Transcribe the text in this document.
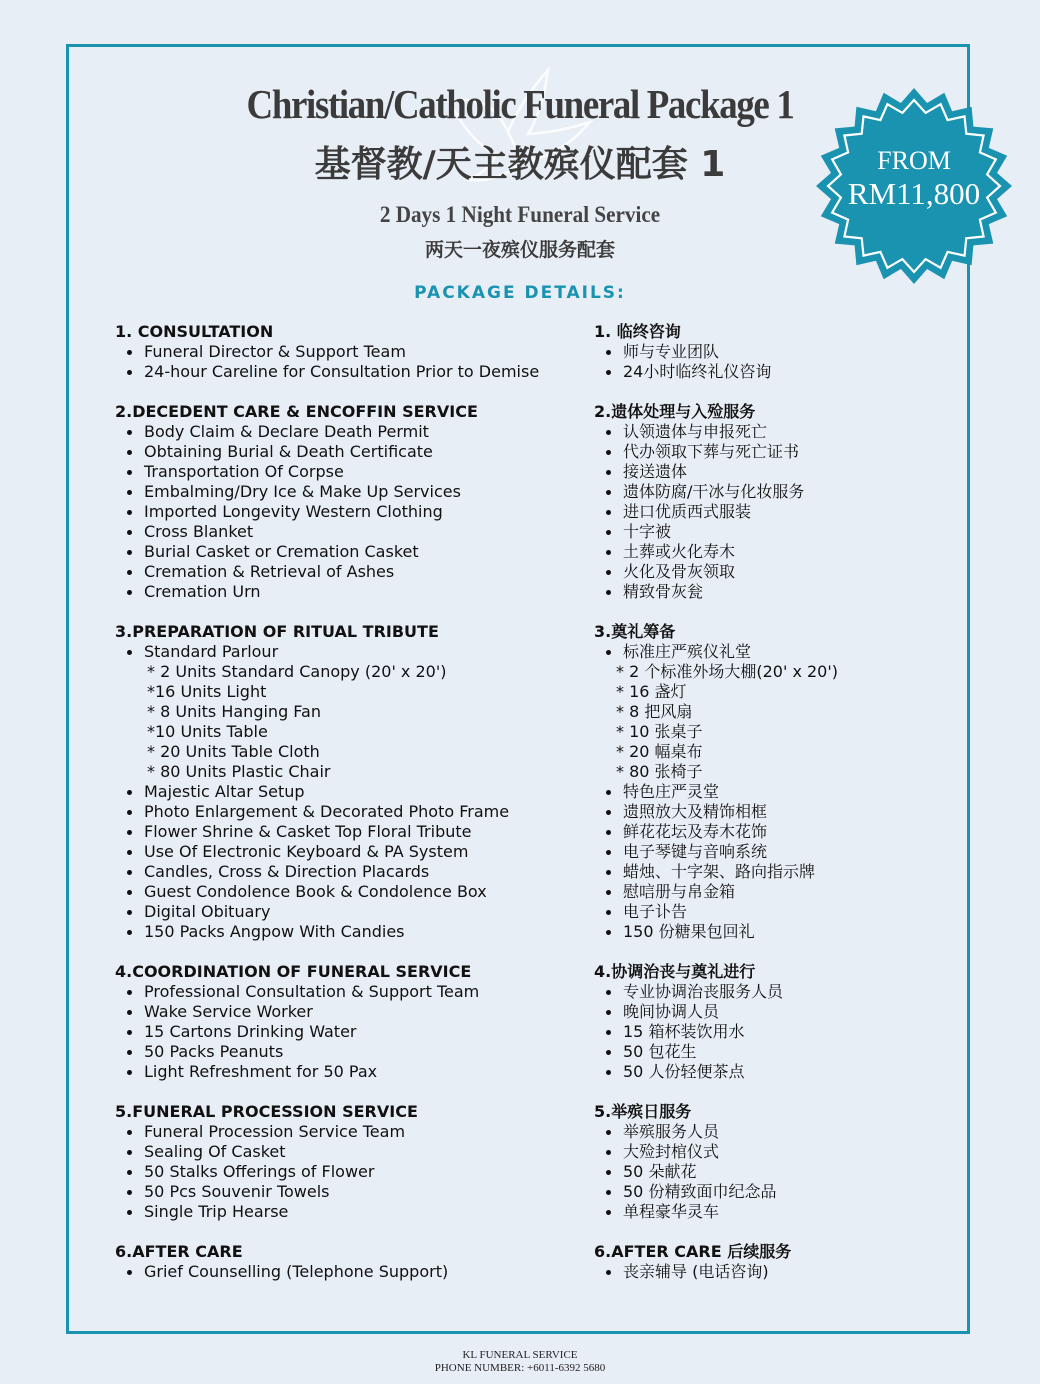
Christian/Catholic Funeral Package 1
基督教/天主教殡仪配套 1
2 Days 1 Night Funeral Service
两天一夜殡仪服务配套
PACKAGE DETAILS:
FROM
RM11,800
1. CONSULTATION
Funeral Director & Support Team
24-hour Careline for Consultation Prior to Demise
2.DECEDENT CARE & ENCOFFIN SERVICE
Body Claim & Declare Death Permit
Obtaining Burial & Death Certificate
Transportation Of Corpse
Embalming/Dry Ice & Make Up Services
Imported Longevity Western Clothing
Cross Blanket
Burial Casket or Cremation Casket
Cremation & Retrieval of Ashes
Cremation Urn
3.PREPARATION OF RITUAL TRIBUTE
Standard Parlour
* 2 Units Standard Canopy (20' x 20')
*16 Units Light
* 8 Units Hanging Fan
*10 Units Table
* 20 Units Table Cloth
* 80 Units Plastic Chair
Majestic Altar Setup
Photo Enlargement & Decorated Photo Frame
Flower Shrine & Casket Top Floral Tribute
Use Of Electronic Keyboard & PA System
Candles, Cross & Direction Placards
Guest Condolence Book & Condolence Box
Digital Obituary
150 Packs Angpow With Candies
4.COORDINATION OF FUNERAL SERVICE
Professional Consultation & Support Team
Wake Service Worker
15 Cartons Drinking Water
50 Packs Peanuts
Light Refreshment for 50 Pax
5.FUNERAL PROCESSION SERVICE
Funeral Procession Service Team
Sealing Of Casket
50 Stalks Offerings of Flower
50 Pcs Souvenir Towels
Single Trip Hearse
6.AFTER CARE
Grief Counselling (Telephone Support)
1. 临终咨询
师与专业团队
24小时临终礼仪咨询
2.遗体处理与入殓服务
认领遗体与申报死亡
代办领取下葬与死亡证书
接送遗体
遗体防腐/干冰与化妆服务
进口优质西式服装
十字被
土葬或火化寿木
火化及骨灰领取
精致骨灰瓮
3.奠礼筹备
标准庄严殡仪礼堂
* 2 个标准外场大棚(20' x 20')
* 16 盏灯
* 8 把风扇
* 10 张桌子
* 20 幅桌布
* 80 张椅子
特色庄严灵堂
遗照放大及精饰相框
鲜花花坛及寿木花饰
电子琴键与音响系统
蜡烛、十字架、路向指示牌
慰唁册与帛金箱
电子讣告
150 份糖果包回礼
4.协调治丧与奠礼进行
专业协调治丧服务人员
晚间协调人员
15 箱杯装饮用水
50 包花生
50 人份轻便茶点
5.举殡日服务
举殡服务人员
大殓封棺仪式
50 朵献花
50 份精致面巾纪念品
单程豪华灵车
6.AFTER CARE 后续服务
丧亲辅导 (电话咨询)
KL FUNERAL SERVICE
PHONE NUMBER: +6011-6392 5680
